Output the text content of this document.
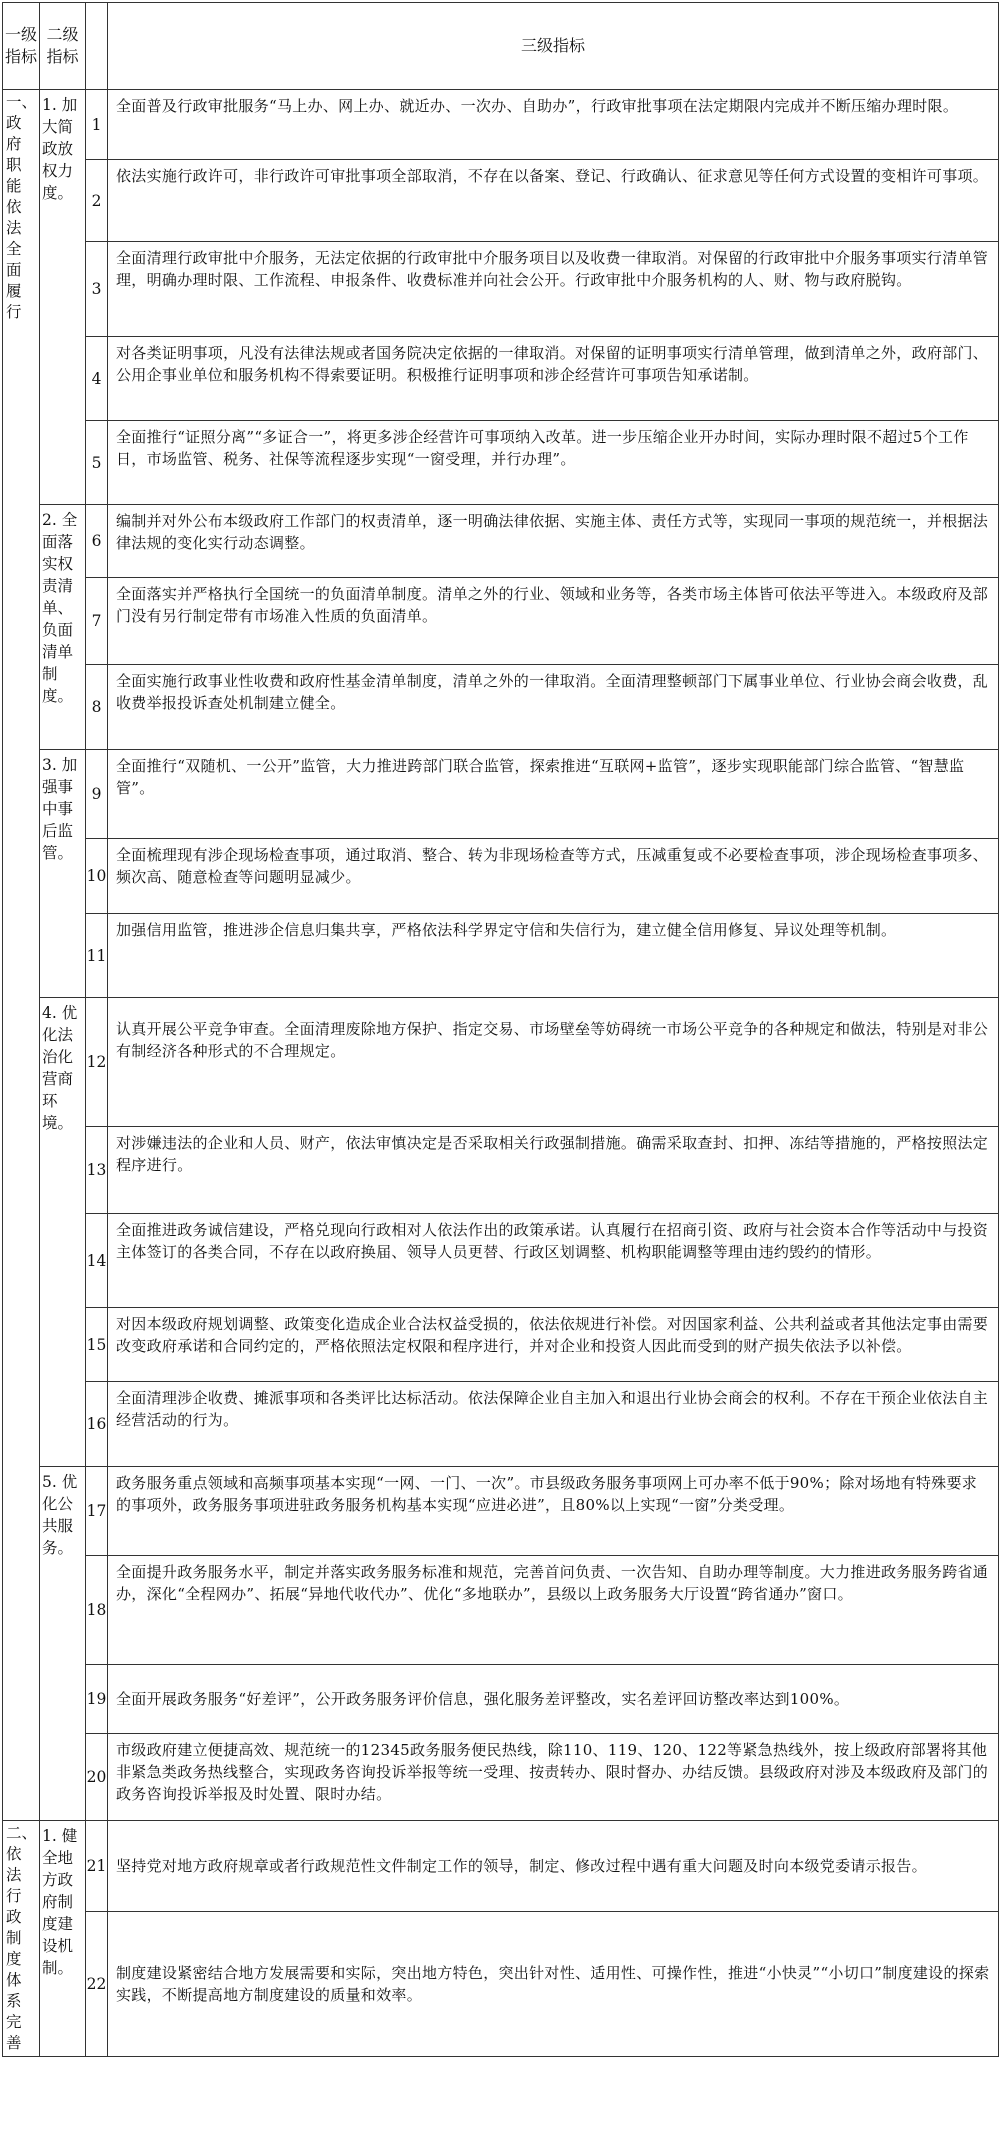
一级指标	二级指标		三级指标
一、政府职能依法全面履行	1. 加大简政放权力度。	1	全面普及行政审批服务“马上办、网上办、就近办、一次办、自助办”，行政审批事项在法定期限内完成并不断压缩办理时限。
		2	依法实施行政许可，非行政许可审批事项全部取消，不存在以备案、登记、行政确认、征求意见等任何方式设置的变相许可事项。
		3	全面清理行政审批中介服务，无法定依据的行政审批中介服务项目以及收费一律取消。对保留的行政审批中介服务事项实行清单管理，明确办理时限、工作流程、申报条件、收费标准并向社会公开。行政审批中介服务机构的人、财、物与政府脱钩。
		4	对各类证明事项，凡没有法律法规或者国务院决定依据的一律取消。对保留的证明事项实行清单管理，做到清单之外，政府部门、公用企事业单位和服务机构不得索要证明。积极推行证明事项和涉企经营许可事项告知承诺制。
		5	全面推行“证照分离”“多证合一”，将更多涉企经营许可事项纳入改革。进一步压缩企业开办时间，实际办理时限不超过5个工作日，市场监管、税务、社保等流程逐步实现“一窗受理，并行办理”。
	2. 全面落实权责清单、负面清单制度。	6	编制并对外公布本级政府工作部门的权责清单，逐一明确法律依据、实施主体、责任方式等，实现同一事项的规范统一，并根据法律法规的变化实行动态调整。
		7	全面落实并严格执行全国统一的负面清单制度。清单之外的行业、领域和业务等，各类市场主体皆可依法平等进入。本级政府及部门没有另行制定带有市场准入性质的负面清单。
		8	全面实施行政事业性收费和政府性基金清单制度，清单之外的一律取消。全面清理整顿部门下属事业单位、行业协会商会收费，乱收费举报投诉查处机制建立健全。
	3. 加强事中事后监管。	9	全面推行“双随机、一公开”监管，大力推进跨部门联合监管，探索推进“互联网+监管”，逐步实现职能部门综合监管、“智慧监管”。
		10	全面梳理现有涉企现场检查事项，通过取消、整合、转为非现场检查等方式，压减重复或不必要检查事项，涉企现场检查事项多、频次高、随意检查等问题明显减少。
		11	加强信用监管，推进涉企信息归集共享，严格依法科学界定守信和失信行为，建立健全信用修复、异议处理等机制。
	4. 优化法治化营商环境。	12	认真开展公平竞争审查。全面清理废除地方保护、指定交易、市场壁垒等妨碍统一市场公平竞争的各种规定和做法，特别是对非公有制经济各种形式的不合理规定。
		13	对涉嫌违法的企业和人员、财产，依法审慎决定是否采取相关行政强制措施。确需采取查封、扣押、冻结等措施的，严格按照法定程序进行。
		14	全面推进政务诚信建设，严格兑现向行政相对人依法作出的政策承诺。认真履行在招商引资、政府与社会资本合作等活动中与投资主体签订的各类合同，不存在以政府换届、领导人员更替、行政区划调整、机构职能调整等理由违约毁约的情形。
		15	对因本级政府规划调整、政策变化造成企业合法权益受损的，依法依规进行补偿。对因国家利益、公共利益或者其他法定事由需要改变政府承诺和合同约定的，严格依照法定权限和程序进行，并对企业和投资人因此而受到的财产损失依法予以补偿。
		16	全面清理涉企收费、摊派事项和各类评比达标活动。依法保障企业自主加入和退出行业协会商会的权利。不存在干预企业依法自主经营活动的行为。
	5. 优化公共服务。	17	政务服务重点领域和高频事项基本实现“一网、一门、一次”。市县级政务服务事项网上可办率不低于90%；除对场地有特殊要求的事项外，政务服务事项进驻政务服务机构基本实现“应进必进”，且80%以上实现“一窗”分类受理。
		18	全面提升政务服务水平，制定并落实政务服务标准和规范，完善首问负责、一次告知、自助办理等制度。大力推进政务服务跨省通办，深化“全程网办”、拓展“异地代收代办”、优化“多地联办”，县级以上政务服务大厅设置“跨省通办”窗口。
		19	全面开展政务服务“好差评”，公开政务服务评价信息，强化服务差评整改，实名差评回访整改率达到100%。
		20	市级政府建立便捷高效、规范统一的12345政务服务便民热线，除110、119、120、122等紧急热线外，按上级政府部署将其他非紧急类政务热线整合，实现政务咨询投诉举报等统一受理、按责转办、限时督办、办结反馈。县级政府对涉及本级政府及部门的政务咨询投诉举报及时处置、限时办结。
二、依法行政制度体系完善	1. 健全地方政府制度建设机制。	21	坚持党对地方政府规章或者行政规范性文件制定工作的领导，制定、修改过程中遇有重大问题及时向本级党委请示报告。
		22	制度建设紧密结合地方发展需要和实际，突出地方特色，突出针对性、适用性、可操作性，推进“小快灵”“小切口”制度建设的探索实践，不断提高地方制度建设的质量和效率。
